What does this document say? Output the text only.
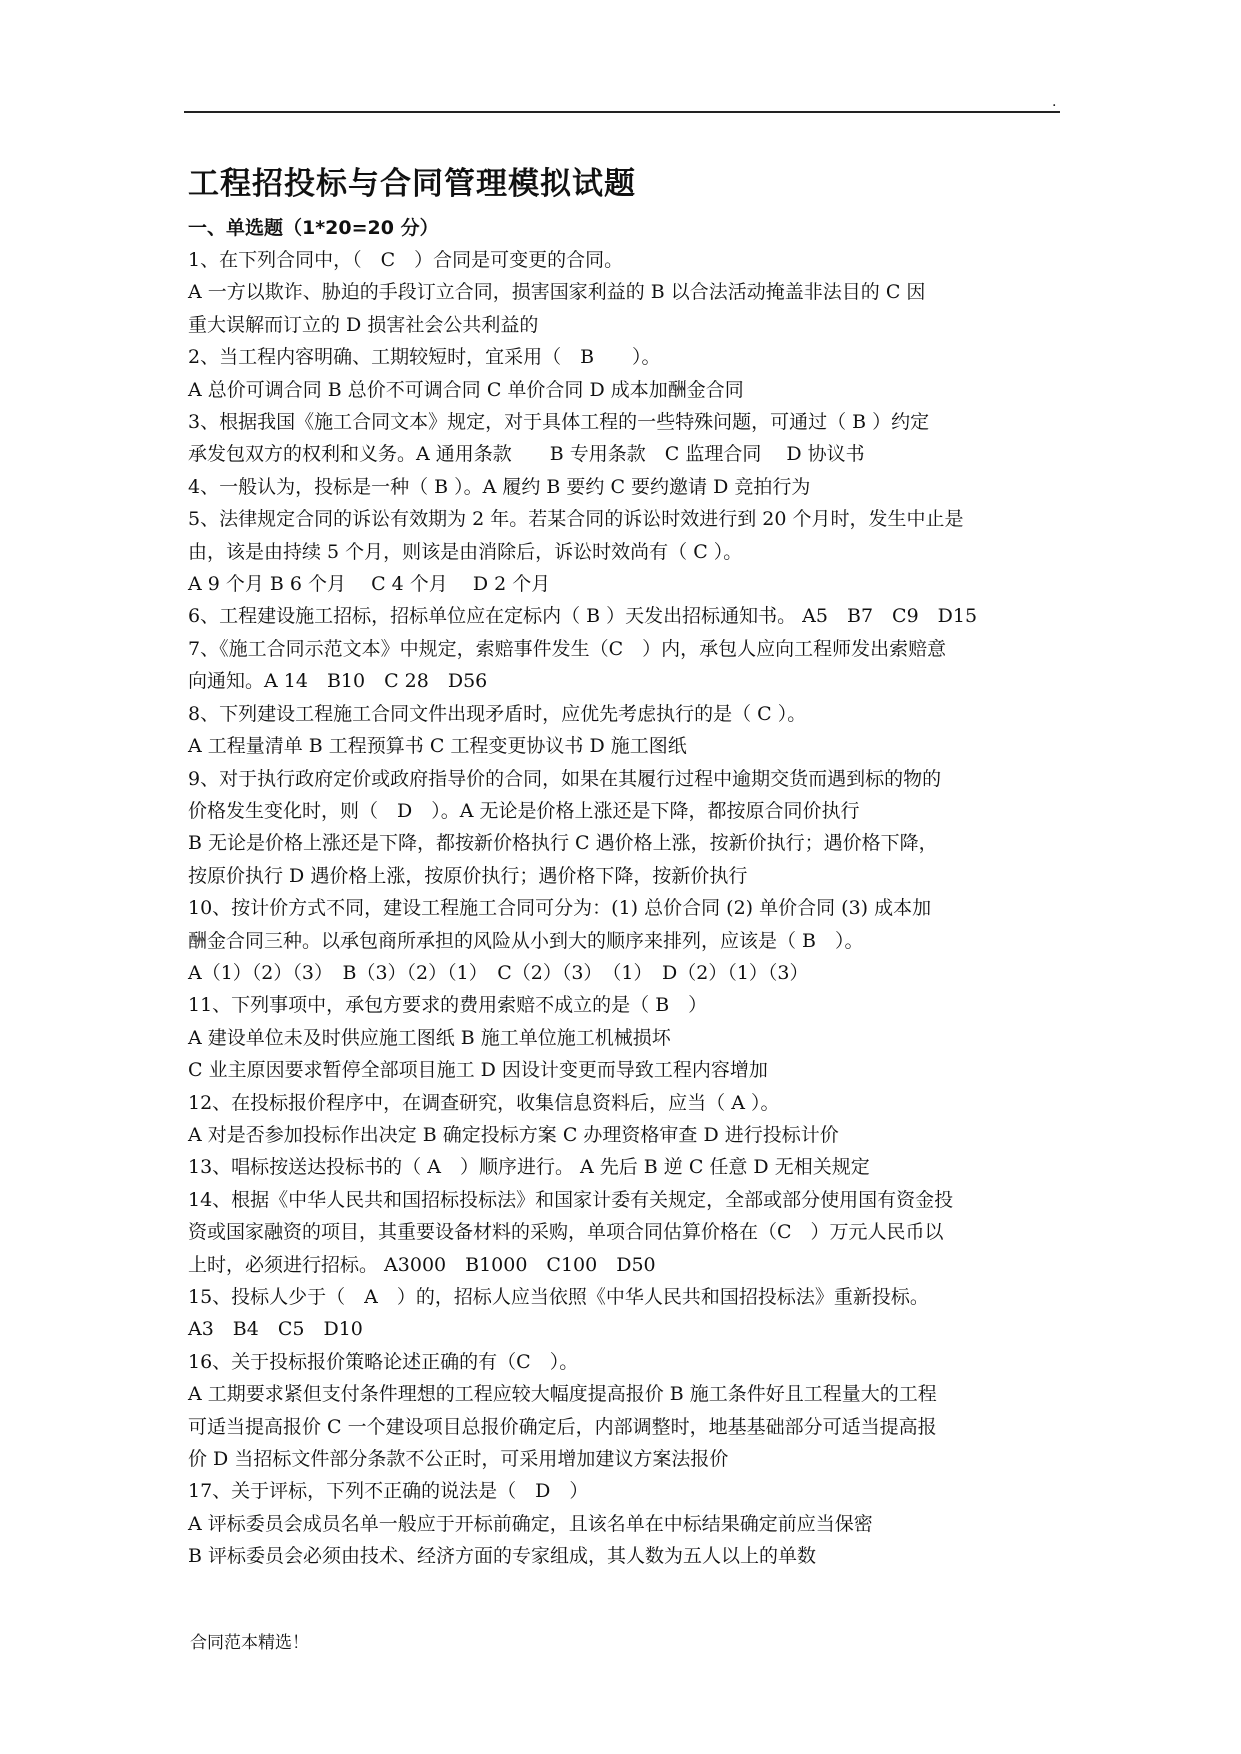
.
工程招投标与合同管理模拟试题
一、单选题（1*20=20 分）
1、在下列合同中，（　C　）合同是可变更的合同。
A 一方以欺诈、胁迫的手段订立合同，损害国家利益的 B 以合法活动掩盖非法目的 C 因
重大误解而订立的 D 损害社会公共利益的
2、当工程内容明确、工期较短时，宜采用（　B　　）。
A 总价可调合同 B 总价不可调合同 C 单价合同 D 成本加酬金合同
3、根据我国《施工合同文本》规定，对于具体工程的一些特殊问题，可通过（ B ）约定
承发包双方的权利和义务。A 通用条款　　B 专用条款　C 监理合同　 D 协议书
4、一般认为，投标是一种（ B ）。A 履约 B 要约 C 要约邀请 D 竞拍行为
5、法律规定合同的诉讼有效期为 2 年。若某合同的诉讼时效进行到 20 个月时，发生中止是
由，该是由持续 5 个月，则该是由消除后，诉讼时效尚有（ C ）。
A 9 个月 B 6 个月　 C 4 个月　 D 2 个月
6、工程建设施工招标，招标单位应在定标内（ B ）天发出招标通知书。 A5　B7　C9　D15
7、《施工合同示范文本》中规定，索赔事件发生（C　）内，承包人应向工程师发出索赔意
向通知。A 14　B10　C 28　D56
8、下列建设工程施工合同文件出现矛盾时，应优先考虑执行的是（ C ）。
A 工程量清单 B 工程预算书 C 工程变更协议书 D 施工图纸
9、对于执行政府定价或政府指导价的合同，如果在其履行过程中逾期交货而遇到标的物的
价格发生变化时，则（　D　）。A 无论是价格上涨还是下降，都按原合同价执行
B 无论是价格上涨还是下降，都按新价格执行 C 遇价格上涨，按新价执行；遇价格下降，
按原价执行 D 遇价格上涨，按原价执行；遇价格下降，按新价执行
10、按计价方式不同，建设工程施工合同可分为：(1) 总价合同 (2) 单价合同 (3) 成本加
酬金合同三种。以承包商所承担的风险从小到大的顺序来排列，应该是（ B　）。
A（1）（2）（3）　B（3）（2）（1）　C（2）（3）　（1）　D（2）（1）（3）
11、下列事项中，承包方要求的费用索赔不成立的是（ B　）
A 建设单位未及时供应施工图纸 B 施工单位施工机械损坏
C 业主原因要求暂停全部项目施工 D 因设计变更而导致工程内容增加
12、在投标报价程序中，在调查研究，收集信息资料后，应当（ A ）。
A 对是否参加投标作出决定 B 确定投标方案 C 办理资格审查 D 进行投标计价
13、唱标按送达投标书的（ A　）顺序进行。 A 先后 B 逆 C 任意 D 无相关规定
14、根据《中华人民共和国招标投标法》和国家计委有关规定，全部或部分使用国有资金投
资或国家融资的项目，其重要设备材料的采购，单项合同估算价格在（C　）万元人民币以
上时，必须进行招标。 A3000　B1000　C100　D50
15、投标人少于（　A　）的，招标人应当依照《中华人民共和国招投标法》重新投标。
A3　B4　C5　D10
16、关于投标报价策略论述正确的有（C　）。
A 工期要求紧但支付条件理想的工程应较大幅度提高报价 B 施工条件好且工程量大的工程
可适当提高报价 C 一个建设项目总报价确定后，内部调整时，地基基础部分可适当提高报
价 D 当招标文件部分条款不公正时，可采用增加建议方案法报价
17、关于评标，下列不正确的说法是（　D　）
A 评标委员会成员名单一般应于开标前确定，且该名单在中标结果确定前应当保密
B 评标委员会必须由技术、经济方面的专家组成，其人数为五人以上的单数
合同范本精选！
